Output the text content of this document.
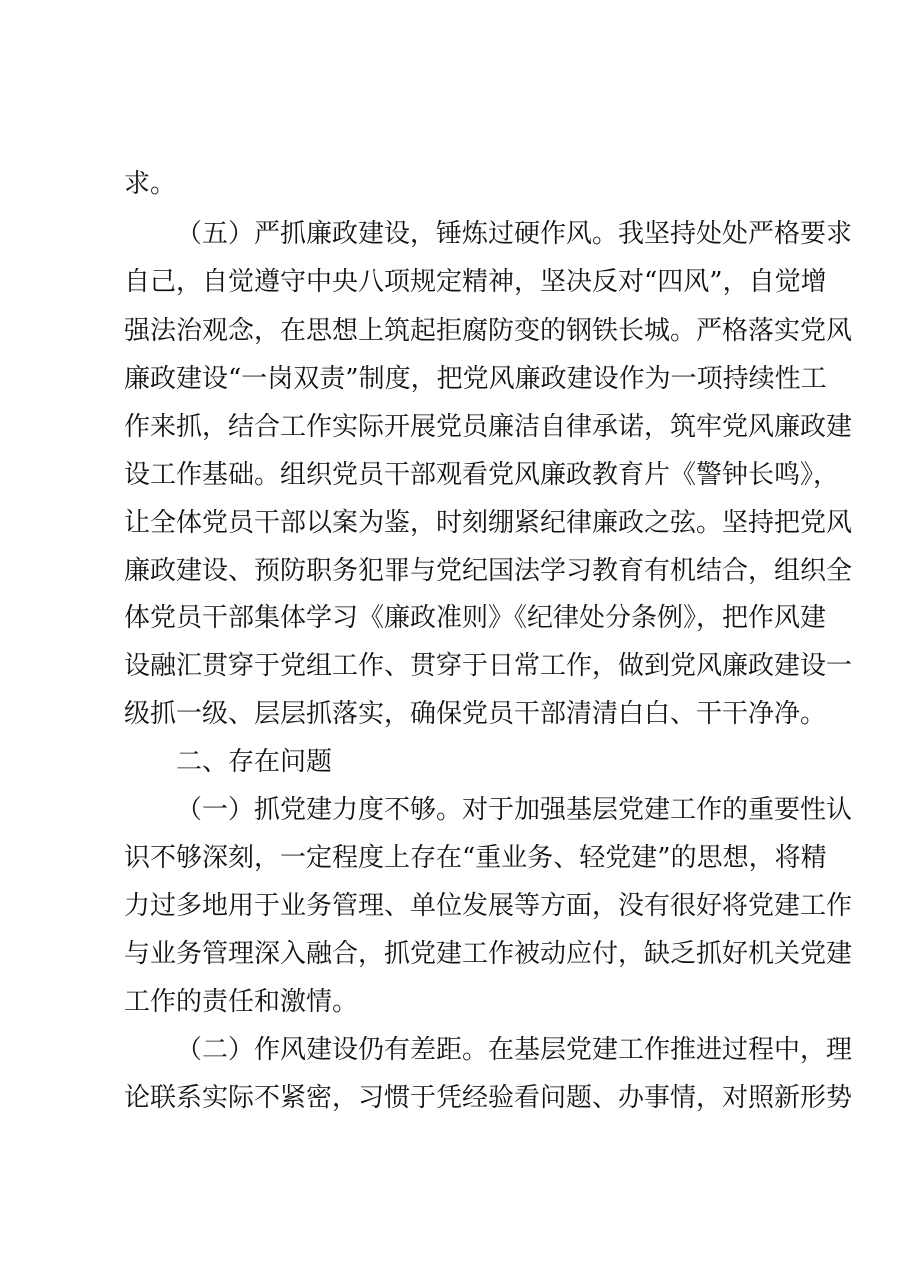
求。
（五）严抓廉政建设，锤炼过硬作风。我坚持处处严格要求
自己，自觉遵守中央八项规定精神，坚决反对“四风”，自觉增
强法治观念，在思想上筑起拒腐防变的钢铁长城。严格落实党风
廉政建设“一岗双责”制度，把党风廉政建设作为一项持续性工
作来抓，结合工作实际开展党员廉洁自律承诺，筑牢党风廉政建
设工作基础。组织党员干部观看党风廉政教育片《警钟长鸣》，
让全体党员干部以案为鉴，时刻绷紧纪律廉政之弦。坚持把党风
廉政建设、预防职务犯罪与党纪国法学习教育有机结合，组织全
体党员干部集体学习《廉政准则》《纪律处分条例》，把作风建
设融汇贯穿于党组工作、贯穿于日常工作，做到党风廉政建设一
级抓一级、层层抓落实，确保党员干部清清白白、干干净净。
二、存在问题
（一）抓党建力度不够。对于加强基层党建工作的重要性认
识不够深刻，一定程度上存在“重业务、轻党建”的思想，将精
力过多地用于业务管理、单位发展等方面，没有很好将党建工作
与业务管理深入融合，抓党建工作被动应付，缺乏抓好机关党建
工作的责任和激情。
（二）作风建设仍有差距。在基层党建工作推进过程中，理
论联系实际不紧密，习惯于凭经验看问题、办事情，对照新形势
